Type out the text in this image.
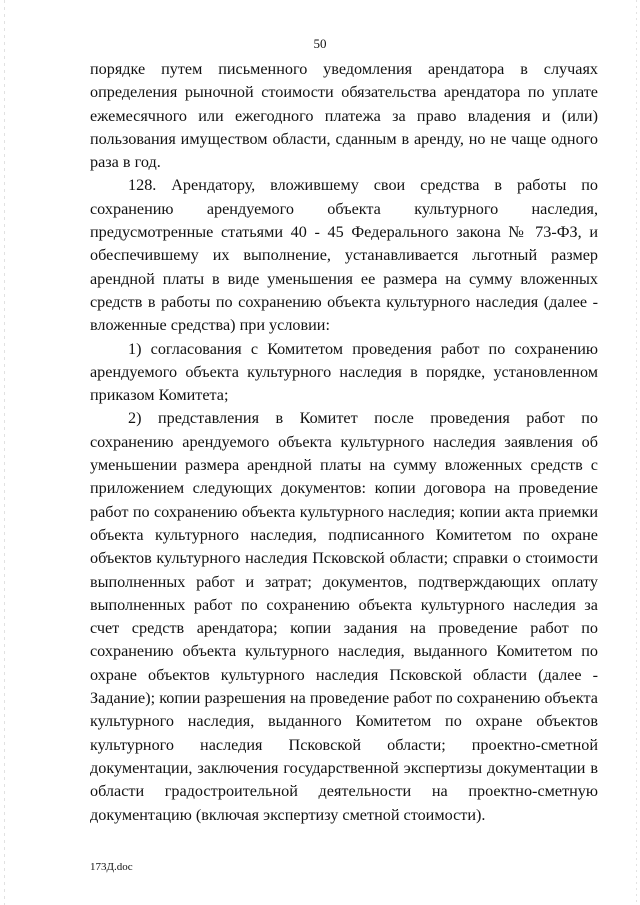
50

порядке путем письменного уведомления арендатора в случаях определения рыночной стоимости обязательства арендатора по уплате ежемесячного или ежегодного платежа за право владения и (или) пользования имуществом области, сданным в аренду, но не чаще одного раза в год.

128. Арендатору, вложившему свои средства в работы по сохранению арендуемого объекта культурного наследия, предусмотренные статьями 40 - 45 Федерального закона № 73-ФЗ, и обеспечившему их выполнение, устанавливается льготный размер арендной платы в виде уменьшения ее размера на сумму вложенных средств в работы по сохранению объекта культурного наследия (далее - вложенные средства) при условии:

1) согласования с Комитетом проведения работ по сохранению арендуемого объекта культурного наследия в порядке, установленном приказом Комитета;

2) представления в Комитет после проведения работ по сохранению арендуемого объекта культурного наследия заявления об уменьшении размера арендной платы на сумму вложенных средств с приложением следующих документов: копии договора на проведение работ по сохранению объекта культурного наследия; копии акта приемки объекта культурного наследия, подписанного Комитетом по охране объектов культурного наследия Псковской области; справки о стоимости выполненных работ и затрат; документов, подтверждающих оплату выполненных работ по сохранению объекта культурного наследия за счет средств арендатора; копии задания на проведение работ по сохранению объекта культурного наследия, выданного Комитетом по охране объектов культурного наследия Псковской области (далее - Задание); копии разрешения на проведение работ по сохранению объекта культурного наследия, выданного Комитетом по охране объектов культурного наследия Псковской области; проектно-сметной документации, заключения государственной экспертизы документации в области градостроительной деятельности на проектно-сметную документацию (включая экспертизу сметной стоимости).

173Д.doc
